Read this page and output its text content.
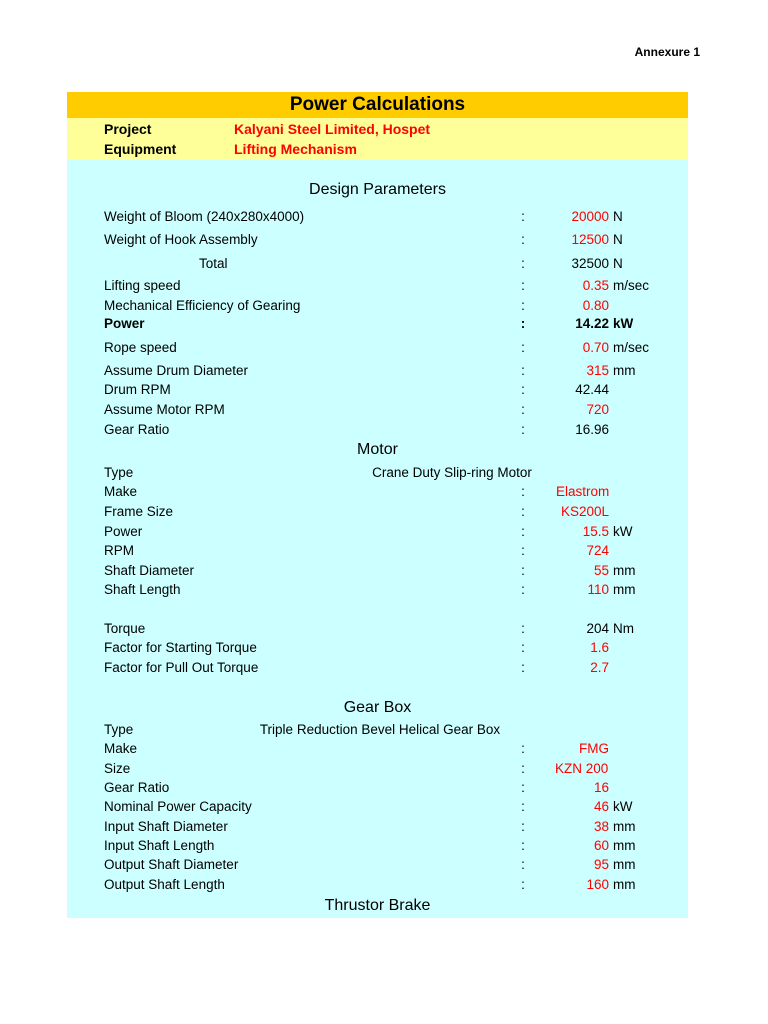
Annexure 1
Power Calculations
Project	Kalyani Steel Limited, Hospet
Equipment	Lifting Mechanism
Design Parameters
Weight of Bloom (240x280x4000)	:	20000 N
Weight of Hook Assembly	:	12500 N
Total	:	32500 N
Lifting speed	:	0.35 m/sec
Mechanical Efficiency of Gearing	:	0.80
Power	:	14.22 kW
Rope speed	:	0.70 m/sec
Assume Drum Diameter	:	315 mm
Drum RPM	:	42.44
Assume Motor RPM	:	720
Gear Ratio	:	16.96
Motor
Type	Crane Duty Slip-ring Motor
Make	: Elastrom
Frame Size	:	KS200L
Power	:	15.5 kW
RPM	:	724
Shaft Diameter	:	55 mm
Shaft Length	:	110 mm
Torque	:	204 Nm
Factor for Starting Torque	:	1.6
Factor for Pull Out Torque	:	2.7
Gear Box
Type	Triple Reduction Bevel Helical Gear Box
Make	:	FMG
Size	: KZN 200
Gear Ratio	:	16
Nominal Power Capacity	:	46 kW
Input Shaft Diameter	:	38 mm
Input Shaft Length	:	60 mm
Output Shaft Diameter	:	95 mm
Output Shaft Length	:	160 mm
Thrustor Brake
